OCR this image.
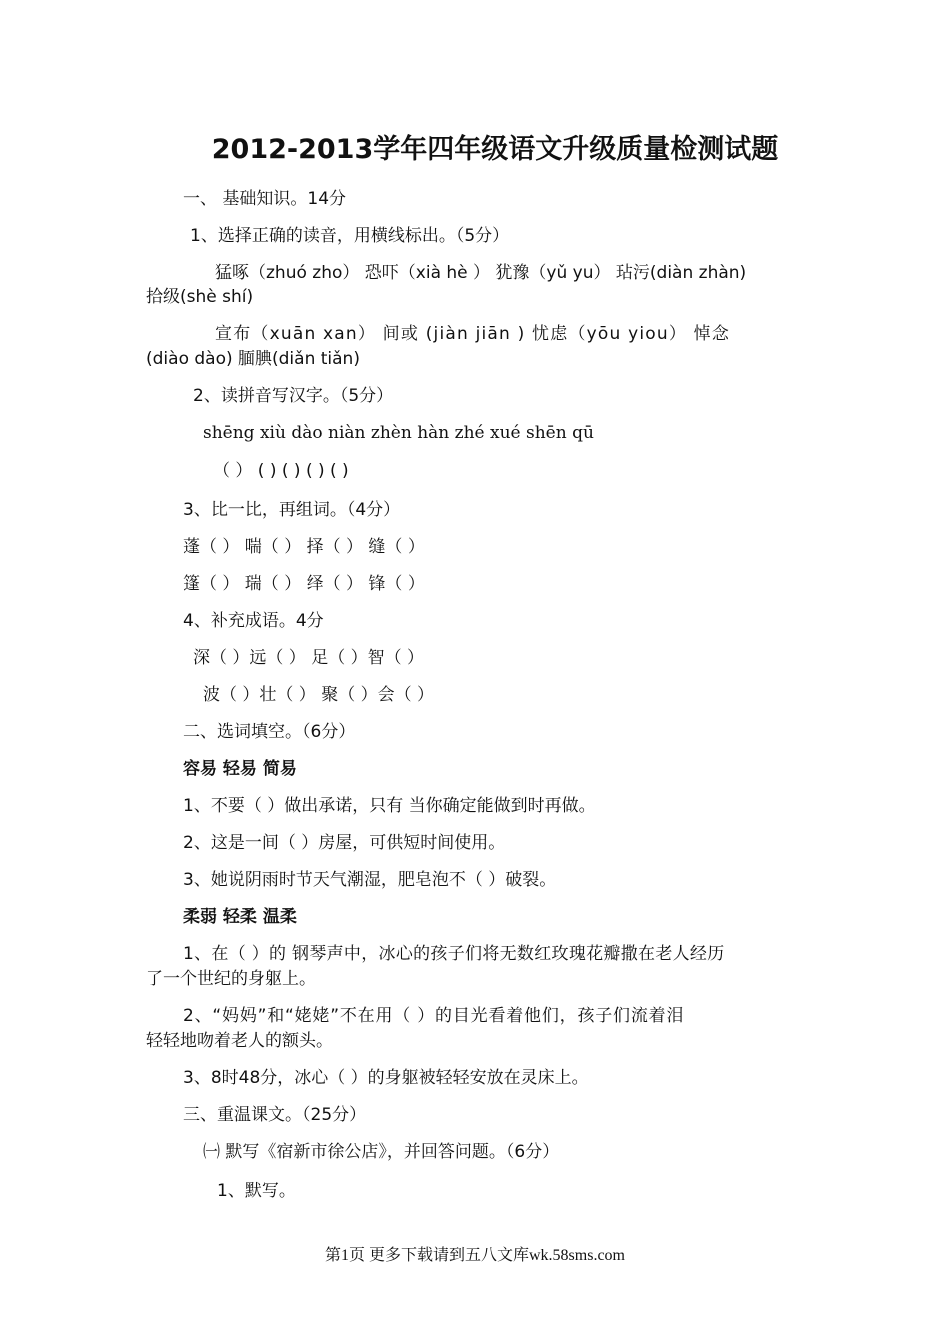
2012-2013学年四年级语文升级质量检测试题
一、 基础知识。14分
1、选择正确的读音，用横线标出。（5分）
猛啄（zhuó zho） 恐吓（xià hè ） 犹豫（yǔ yu） 玷污(diàn zhàn)
拾级(shè shí)
宣布（xuān xan） 间或 (jiàn jiān ) 忧虑（yōu yiou） 悼念
(diào dào) 腼腆(diǎn tiǎn)
2、读拼音写汉字。（5分）
shēng xiù dào niàn zhèn hàn zhé xué shēn qū
（ ） ( ) ( ) ( ) ( )
3、比一比，再组词。（4分）
蓬（ ） 喘（ ） 择（ ） 缝（ ）
篷（ ） 瑞（ ） 绎（ ） 锋（ ）
4、补充成语。4分
深（ ）远（ ） 足（ ）智（ ）
波（ ）壮（ ） 聚（ ）会（ ）
二、选词填空。（6分）
容易 轻易 简易
1、不要（ ）做出承诺，只有 当你确定能做到时再做。
2、这是一间（ ）房屋，可供短时间使用。
3、她说阴雨时节天气潮湿，肥皂泡不（ ）破裂。
柔弱 轻柔 温柔
1、在（ ）的 钢琴声中，冰心的孩子们将无数红玫瑰花瓣撒在老人经历
了一个世纪的身躯上。
2、“妈妈”和“姥姥”不在用（ ）的目光看着他们，孩子们流着泪
轻轻地吻着老人的额头。
3、8时48分，冰心（ ）的身躯被轻轻安放在灵床上。
三、重温课文。（25分）
㈠ 默写《宿新市徐公店》，并回答问题。（6分）
1、默写。
第1页 更多下载请到五八文库wk.58sms.com
